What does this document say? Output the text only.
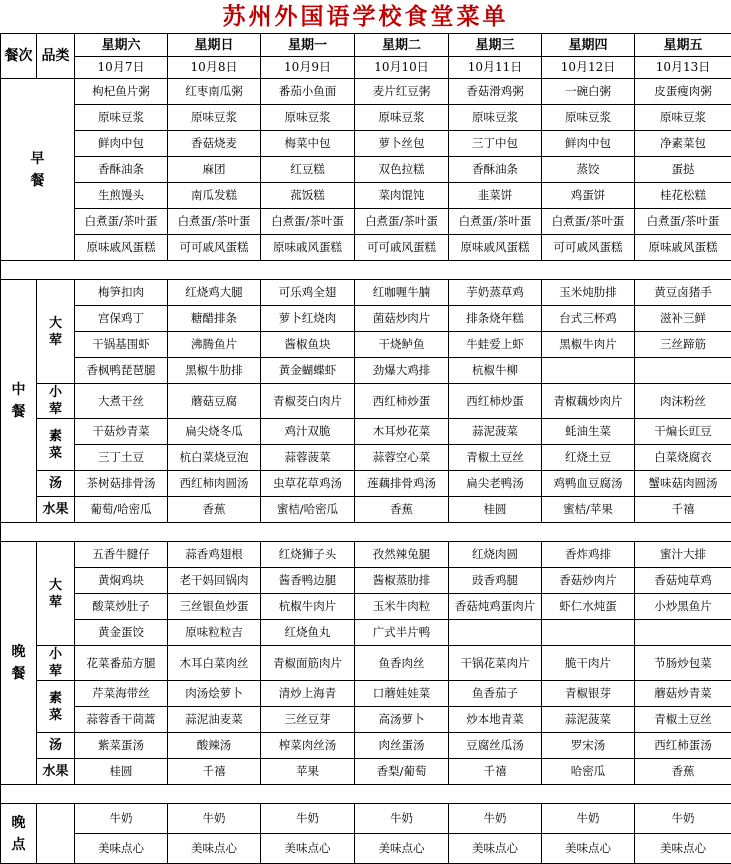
苏州外国语学校食堂菜单
餐次	品类	星期六	星期日	星期一	星期二	星期三	星期四	星期五
		10月7日	10月8日	10月9日	10月10日	10月11日	10月12日	10月13日
早餐		枸杞鱼片粥	红枣南瓜粥	番茄小鱼面	麦片红豆粥	香菇滑鸡粥	一碗白粥	皮蛋瘦肉粥
		原味豆浆	原味豆浆	原味豆浆	原味豆浆	原味豆浆	原味豆浆	原味豆浆
		鲜肉中包	香菇烧麦	梅菜中包	萝卜丝包	三丁中包	鲜肉中包	净素菜包
		香酥油条	麻团	红豆糕	双色拉糕	香酥油条	蒸饺	蛋挞
		生煎馒头	南瓜发糕	菰饭糕	菜肉馄饨	韭菜饼	鸡蛋饼	桂花松糕
		白煮蛋/茶叶蛋	白煮蛋/茶叶蛋	白煮蛋/茶叶蛋	白煮蛋/茶叶蛋	白煮蛋/茶叶蛋	白煮蛋/茶叶蛋	白煮蛋/茶叶蛋
		原味戚风蛋糕	可可戚风蛋糕	原味戚风蛋糕	可可戚风蛋糕	原味戚风蛋糕	可可戚风蛋糕	原味戚风蛋糕

中餐	大荤	梅笋扣肉	红烧鸡大腿	可乐鸡全翅	红咖喱牛腩	芋奶蒸草鸡	玉米炖肋排	黄豆卤猪手
		宫保鸡丁	糖醋排条	萝卜红烧肉	菌菇炒肉片	排条烧年糕	台式三杯鸡	滋补三鲜
		干锅基围虾	沸腾鱼片	酱椒鱼块	干烧鲈鱼	牛蛙爱上虾	黑椒牛肉片	三丝蹄筋
		香枫鸭琵琶腿	黑椒牛肋排	黄金蝴蝶虾	劲爆大鸡排	杭椒牛柳		
	小荤	大煮干丝	蘑菇豆腐	青椒茭白肉片	西红柿炒蛋	西红柿炒蛋	青椒藕炒肉片	肉沫粉丝
	素菜	干菇炒青菜	扁尖烧冬瓜	鸡汁双脆	木耳炒花菜	蒜泥菠菜	蚝油生菜	干煸长豇豆
		三丁土豆	杭白菜烧豆泡	蒜蓉菠菜	蒜蓉空心菜	青椒土豆丝	红烧土豆	白菜烧腐衣
	汤	茶树菇排骨汤	西红柿肉圆汤	虫草花草鸡汤	莲藕排骨鸡汤	扁尖老鸭汤	鸡鸭血豆腐汤	蟹味菇肉圆汤
	水果	葡萄/哈密瓜	香蕉	蜜桔/哈密瓜	香蕉	桂圆	蜜桔/苹果	千禧

晚餐	大荤	五香牛腱仔	蒜香鸡翅根	红烧狮子头	孜然辣兔腿	红烧肉圆	香炸鸡排	蜜汁大排
		黄焖鸡块	老干妈回锅肉	酱香鸭边腿	酱椒蒸肋排	豉香鸡腿	香菇炒肉片	香菇炖草鸡
		酸菜炒肚子	三丝银鱼炒蛋	杭椒牛肉片	玉米牛肉粒	香菇炖鸡蛋肉片	虾仁水炖蛋	小炒黑鱼片
		黄金蛋饺	原味粒粒吉	红烧鱼丸	广式半片鸭			
	小荤	花菜番茄方腿	木耳白菜肉丝	青椒面筋肉片	鱼香肉丝	干锅花菜肉片	脆干肉片	节肠炒包菜
	素菜	芹菜海带丝	肉汤烩萝卜	清炒上海青	口蘑娃娃菜	鱼香茄子	青椒银芽	蘑菇炒青菜
		蒜蓉香干茼蒿	蒜泥油麦菜	三丝豆芽	高汤萝卜	炒本地青菜	蒜泥菠菜	青椒土豆丝
	汤	紫菜蛋汤	酸辣汤	榨菜肉丝汤	肉丝蛋汤	豆腐丝瓜汤	罗宋汤	西红柿蛋汤
	水果	桂圆	千禧	苹果	香梨/葡萄	千禧	哈密瓜	香蕉

晚点		牛奶	牛奶	牛奶	牛奶	牛奶	牛奶	牛奶
		美味点心	美味点心	美味点心	美味点心	美味点心	美味点心	美味点心
